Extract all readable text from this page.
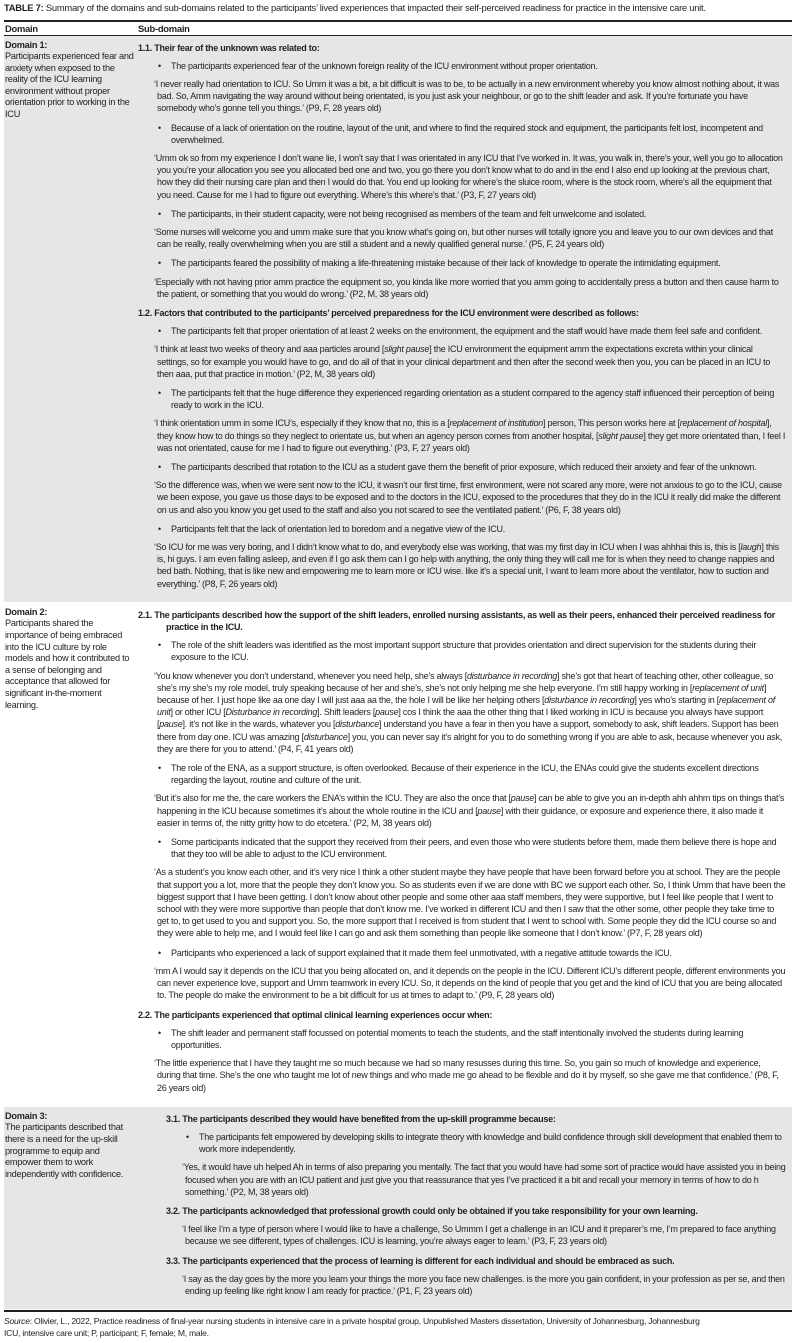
TABLE 7: Summary of the domains and sub-domains related to the participants’ lived experiences that impacted their self-perceived readiness for practice in the intensive care unit.
Domain	Sub-domain
Domain 1:
Participants experienced fear and anxiety when exposed to the reality of the ICU learning environment without proper orientation prior to working in the ICU
1.1. Their fear of the unknown was related to:
• The participants experienced fear of the unknown foreign reality of the ICU environment without proper orientation.
‘I never really had orientation to ICU. So Umm it was a bit, a bit difficult is was to be, to be actually in a new environment whereby you know almost nothing about, it was bad. So, Amm navigating the way around without being orientated, is you just ask your neighbour, or go to the shift leader and ask. If you’re fortunate you have somebody who’s gonne tell you things.’ (P9, F, 28 years old)
• Because of a lack of orientation on the routine, layout of the unit, and where to find the required stock and equipment, the participants felt lost, incompetent and overwhelmed.
‘Umm ok so from my experience I don’t wane lie, I won’t say that I was orientated in any ICU that I’ve worked in. It was, you walk in, there’s your, well you go to allocation you you’re your allocation you see you allocated bed one and two, you go there you don’t know what to do and in the end I also end up looking at the previous chart, how they did their nursing care plan and then I would do that. You end up looking for where’s the sluice room, where is the stock room, where’s all the equipment that you need. Cause for me I had to figure out everything. Where’s this where’s that.’ (P3, F, 27 years old)
• The participants, in their student capacity, were not being recognised as members of the team and felt unwelcome and isolated.
‘Some nurses will welcome you and umm make sure that you know what’s going on, but other nurses will totally ignore you and leave you to our own devices and that can be really, really overwhelming when you are still a student and a newly qualified general nurse.’ (P5, F, 24 years old)
• The participants feared the possibility of making a life-threatening mistake because of their lack of knowledge to operate the intimidating equipment.
‘Especially with not having prior amm practice the equipment so, you kinda like more worried that you amm going to accidentally press a button and then cause harm to the patient, or something that you would do wrong.’ (P2, M, 38 years old)
1.2. Factors that contributed to the participants’ perceived preparedness for the ICU environment were described as follows:
• The participants felt that proper orientation of at least 2 weeks on the environment, the equipment and the staff would have made them feel safe and confident.
‘I think at least two weeks of theory and aaa particles around [slight pause] the ICU environment the equipment amm the expectations excreta within your clinical settings, so for example you would have to go, and do all of that in your clinical department and then after the second week then you, you can be placed in an ICU to then aaa, put that practice in motion.’ (P2, M, 38 years old)
• The participants felt that the huge difference they experienced regarding orientation as a student compared to the agency staff influenced their perception of being ready to work in the ICU.
‘I think orientation umm in some ICU’s, especially if they know that no, this is a [replacement of institution] person, This person works here at [replacement of hospital], they know how to do things so they neglect to orientate us, but when an agency person comes from another hospital, [slight pause] they get more orientated than, I feel I was not orientated, cause for me I had to figure out everything.’ (P3, F, 27 years old)
• The participants described that rotation to the ICU as a student gave them the benefit of prior exposure, which reduced their anxiety and fear of the unknown.
‘So the difference was, when we were sent now to the ICU, it wasn’t our first time, first environment, were not scared any more, were not anxious to go to the ICU, cause we been expose, you gave us those days to be exposed and to the doctors in the ICU, exposed to the procedures that they do in the ICU it really did make the different on us and also you know you get used to the staff and also you not scared to see the ventilated patient.’ (P6, F, 38 years old)
• Participants felt that the lack of orientation led to boredom and a negative view of the ICU.
‘So ICU for me was very boring, and I didn’t know what to do, and everybody else was working, that was my first day in ICU when I was ahhhai this is, this is [laugh] this is, hi guys. I am even falling asleep, and even if I go ask them can I go help with anything, the only thing they will call me for is when they need to change nappies and bed bath. Nothing, that is like new and empowering me to learn more or ICU wise. like it’s a special unit, I want to learn more about the ventilator, how to suction and everything.’ (P8, F, 26 years old)
Domain 2:
Participants shared the importance of being embraced into the ICU culture by role models and how it contributed to a sense of belonging and acceptance that allowed for significant in-the-moment learning.
2.1. The participants described how the support of the shift leaders, enrolled nursing assistants, as well as their peers, enhanced their perceived readiness for practice in the ICU.
• The role of the shift leaders was identified as the most important support structure that provides orientation and direct supervision for the students during their exposure to the ICU.
‘You know whenever you don’t understand, whenever you need help, she’s always [disturbance in recording] she’s got that heart of teaching other, other colleague, so she’s my she’s my role model, truly speaking because of her and she’s, she’s not only helping me she help everyone. I’m still happy working in [replacement of unit] because of her. I just hope like aa one day I will just aaa aa the, the hole I will be like her helping others [disturbance in recording] yes who’s starting in [replacement of unit] or other ICU [Disturbance in recording]. Shift leaders [pause] cos I think the aaa the other thing that I liked working in ICU is because you always have support [pause]. it’s not like in the wards, whatever you [disturbance] understand you have a fear in then you have a support, somebody to ask, shift leaders. Support has been there from day one. ICU was amazing [disturbance] you, you can never say it’s alright for you to do something wrong if you are able to ask, because whenever you ask, they are there for you to attend.’ (P4, F, 41 years old)
• The role of the ENA, as a support structure, is often overlooked. Because of their experience in the ICU, the ENAs could give the students excellent directions regarding the layout, routine and culture of the unit.
‘But it’s also for me the, the care workers the ENA’s within the ICU. They are also the once that [pause] can be able to give you an in-depth ahh ahhm tips on things that’s happening in the ICU because sometimes it’s about the whole routine in the ICU and [pause] with their guidance, or exposure and experience there, it also made it easier in terms of, the nitty gritty how to do etcetera.’ (P2, M, 38 years old)
• Some participants indicated that the support they received from their peers, and even those who were students before them, made them believe there is hope and that they too will be able to adjust to the ICU environment.
‘As a student’s you know each other, and it’s very nice I think a other student maybe they have people that have been forward before you at school. They are the people that support you a lot, more that the people they don’t know you. So as students even if we are done with BC we support each other. So, I think Umm that have been the biggest support that I have been getting. I don’t know about other people and some other aaa staff members, they were supportive, but I feel like people that I went to school with they were more supportive than people that don’t know me. I’ve worked in different ICU and then I saw that the other some, other people they take time to get to, to get used to you and support you. So, the more support that I received is from student that I went to school with. Some people they did the ICU course so and they were able to help me, and I would feel like I can go and ask them something than people like someone that I don’t know.’ (P7, F, 28 years old)
• Participants who experienced a lack of support explained that it made them feel unmotivated, with a negative attitude towards the ICU.
‘mm A I would say it depends on the ICU that you being allocated on, and it depends on the people in the ICU. Different ICU’s different people, different environments you can never experience love, support and Umm teamwork in every ICU. So, it depends on the kind of people that you get and the kind of ICU that you are being allocated to. The people do make the environment to be a bit difficult for us at times to adapt to.’ (P9, F, 28 years old)
2.2. The participants experienced that optimal clinical learning experiences occur when:
• The shift leader and permanent staff focussed on potential moments to teach the students, and the staff intentionally involved the students during learning opportunities.
‘The little experience that I have they taught me so much because we had so many resusses during this time. So, you gain so much of knowledge and experience, during that time. She’s the one who taught me lot of new things and who made me go ahead to be flexible and do it by myself, so she gave me that confidence.’ (P8, F, 26 years old)
Domain 3:
The participants described that there is a need for the up-skill programme to equip and empower them to work independently with confidence.
3.1. The participants described they would have benefited from the up-skill programme because:
• The participants felt empowered by developing skills to integrate theory with knowledge and build confidence through skill development that enabled them to work more independently.
‘Yes, it would have uh helped Ah in terms of also preparing you mentally. The fact that you would have had some sort of practice would have assisted you in being focused when you are with an ICU patient and just give you that reassurance that yes I’ve practiced it a bit and recall your memory in terms of how to do h something.’ (P2, M, 38 years old)
3.2. The participants acknowledged that professional growth could only be obtained if you take responsibility for your own learning.
‘I feel like I’m a type of person where I would like to have a challenge, So Ummm I get a challenge in an ICU and it preparer’s me, I’m prepared to face anything because we see different, types of challenges. ICU is learning, you’re always eager to learn.’ (P3, F, 23 years old)
3.3. The participants experienced that the process of learning is different for each individual and should be embraced as such.
‘I say as the day goes by the more you learn your things the more you face new challenges. is the more you gain confident, in your profession as per se, and then ending up feeling like right know I am ready for practice.’ (P1, F, 23 years old)
Source: Olivier, L., 2022, Practice readiness of final-year nursing students in intensive care in a private hospital group, Unpublished Masters dissertation, University of Johannesburg, Johannesburg
ICU, intensive care unit; P, participant; F, female; M, male.
